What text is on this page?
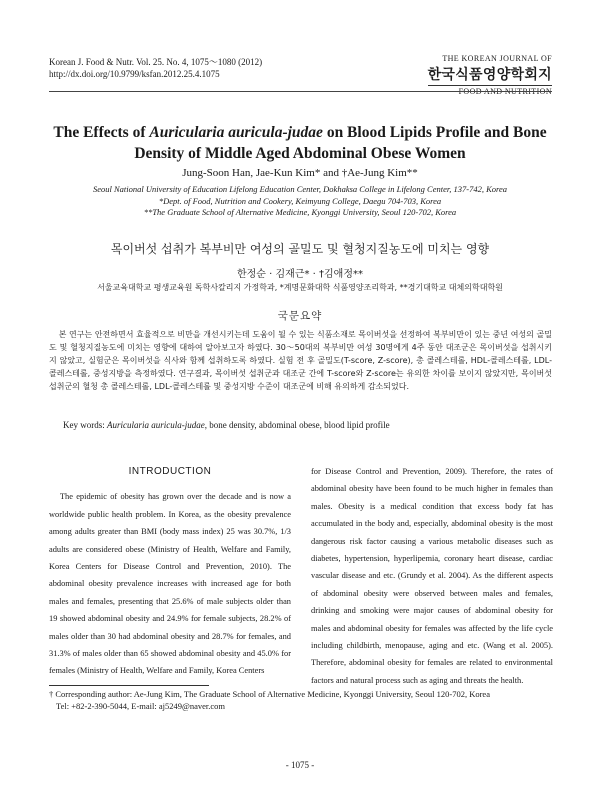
Korean J. Food & Nutr. Vol. 25. No. 4, 1075～1080 (2012)
http://dx.doi.org/10.9799/ksfan.2012.25.4.1075
THE KOREAN JOURNAL OF
한국식품영양학회지
FOOD AND NUTRITION
The Effects of Auricularia auricula-judae on Blood Lipids Profile and Bone
Density of Middle Aged Abdominal Obese Women
Jung-Soon Han, Jae-Kun Kim* and †Ae-Jung Kim**
Seoul National University of Education Lifelong Education Center, Dokhaksa College in Lifelong Center, 137-742, Korea
*Dept. of Food, Nutrition and Cookery, Keimyung College, Daegu 704-703, Korea
**The Graduate School of Alternative Medicine, Kyonggi University, Seoul 120-702, Korea
목이버섯 섭취가 복부비만 여성의 골밀도 및 혈청지질농도에 미치는 영향
한정순 · 김재근* · †김애정**
서울교육대학교 평생교육원 독학사칼리지 가정학과, *계명문화대학 식품영양조리학과, **경기대학교 대체의학대학원
국문요약
본 연구는 안전하면서 효율적으로 비만을 개선시키는데 도움이 될 수 있는 식품소재로 목이버섯을 선정하여 복부비만이 있는 중년 여성의 골밀도 및 혈청지질농도에 미치는 영향에 대하여 알아보고자 하였다. 30～50대의 복부비만 여성 30명에게 4주 동안 대조군은 목이버섯을 섭취시키지 않았고, 실험군은 목이버섯을 식사와 함께 섭취하도록 하였다. 실험 전 후 골밀도(T-score, Z-score), 총 콜레스테롤, HDL-콜레스테롤, LDL-콜레스테롤, 중성지방을 측정하였다. 연구결과, 목이버섯 섭취군과 대조군 간에 T-score와 Z-score는 유의한 차이를 보이지 않았지만, 목이버섯 섭취군의 혈청 총 콜레스테롤, LDL-콜레스테롤 및 중성지방 수준이 대조군에 비해 유의하게 감소되었다.
Key words: Auricularia auricula-judae, bone density, abdominal obese, blood lipid profile
INTRODUCTION

The epidemic of obesity has grown over the decade and is now a worldwide public health problem. In Korea, as the obesity prevalence among adults greater than BMI (body mass index) 25 was 30.7%, 1/3 adults are considered obese (Ministry of Health, Welfare and Family, Korea Centers for Disease Control and Prevention, 2010). The abdominal obesity prevalence increases with increased age for both males and females, presenting that 25.6% of male subjects older than 19 showed abdominal obesity and 24.9% for female subjects, 28.2% of males older than 30 had abdominal obesity and 28.7% for females, and 31.3% of males older than 65 showed abdominal obesity and 45.0% for females (Ministry of Health, Welfare and Family, Korea Centers

for Disease Control and Prevention, 2009). Therefore, the rates of abdominal obesity have been found to be much higher in females than males. Obesity is a medical condition that excess body fat has accumulated in the body and, especially, abdominal obesity is the most dangerous risk factor causing a various metabolic diseases such as diabetes, hypertension, hyperlipemia, coronary heart disease, cardiac vascular disease and etc. (Grundy et al. 2004). As the different aspects of abdominal obesity were observed between males and females, drinking and smoking were major causes of abdominal obesity for males and abdominal obesity for females was affected by the life cycle including childbirth, menopause, aging and etc. (Wang et al. 2005). Therefore, abdominal obesity for females are related to environmental factors and natural process such as aging and threats the health.

† Corresponding author: Ae-Jung Kim, The Graduate School of Alternative Medicine, Kyonggi University, Seoul 120-702, Korea
Tel: +82-2-390-5044, E-mail: aj5249@naver.com
- 1075 -
